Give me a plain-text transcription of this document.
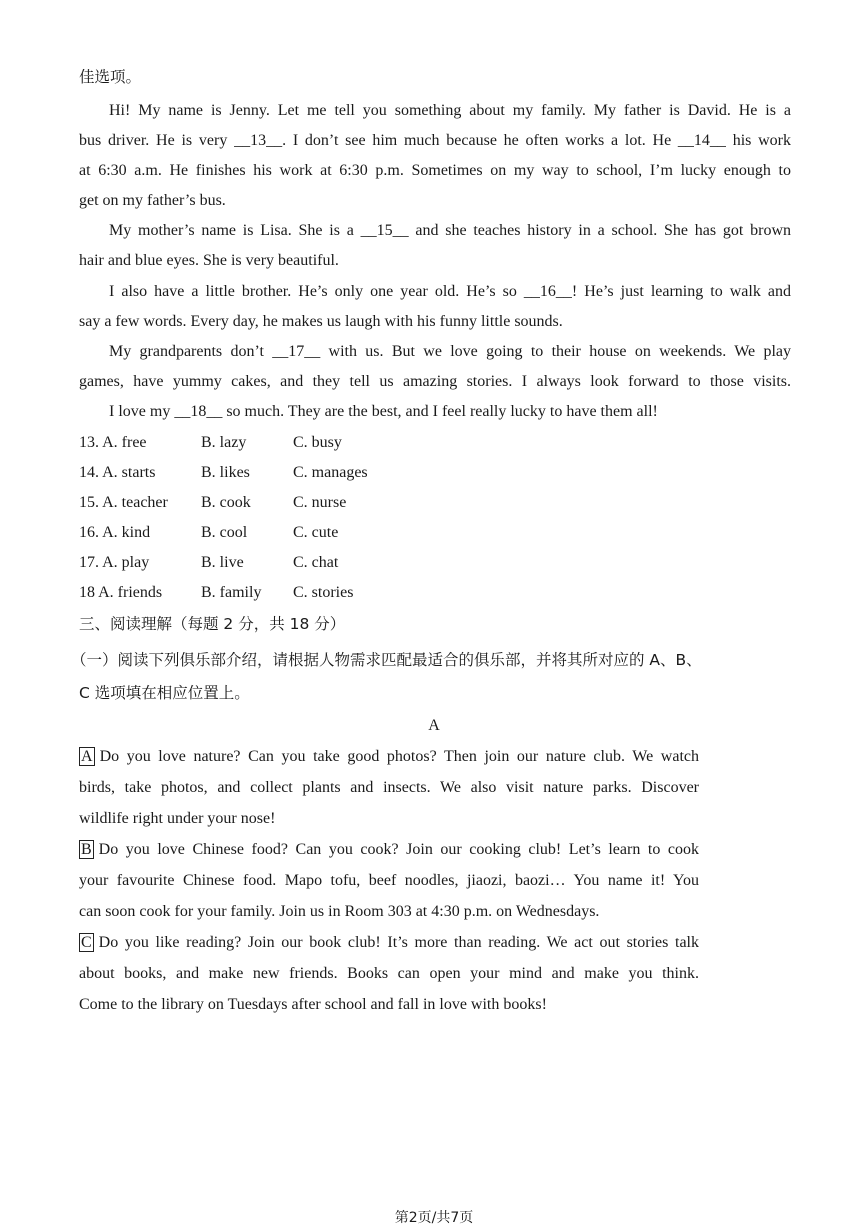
佳选项。
Hi! My name is Jenny. Let me tell you something about my family. My father is David. He is a
bus driver. He is very __13__. I don’t see him much because he often works a lot. He __14__ his work
at 6:30 a.m. He finishes his work at 6:30 p.m. Sometimes on my way to school, I’m lucky enough to
get on my father’s bus.
My mother’s name is Lisa. She is a __15__ and she teaches history in a school. She has got brown
hair and blue eyes. She is very beautiful.
I also have a little brother. He’s only one year old. He’s so __16__! He’s just learning to walk and
say a few words. Every day, he makes us laugh with his funny little sounds.
My grandparents don’t __17__ with us. But we love going to their house on weekends. We play
games, have yummy cakes, and they tell us amazing stories. I always look forward to those visits.
I love my __18__ so much. They are the best, and I feel really lucky to have them all!
13. A. free	B. lazy	C. busy
14. A. starts	B. likes	C. manages
15. A. teacher B. cook	C. nurse
16. A. kind	B. cool	C. cute
17. A. play	B. live	C. chat
18 A. friends B. family C. stories
三、阅读理解（每题 2 分，共 18 分）
（一）阅读下列俱乐部介绍，请根据人物需求匹配最适合的俱乐部，并将其所对应的 A、B、
C 选项填在相应位置上。
A
A Do you love nature? Can you take good photos? Then join our nature club. We watch
birds, take photos, and collect plants and insects. We also visit nature parks. Discover
wildlife right under your nose!
B Do you love Chinese food? Can you cook? Join our cooking club! Let’s learn to cook
your favourite Chinese food. Mapo tofu, beef noodles, jiaozi, baozi… You name it! You
can soon cook for your family. Join us in Room 303 at 4:30 p.m. on Wednesdays.
C Do you like reading? Join our book club! It’s more than reading. We act out stories talk
about books, and make new friends. Books can open your mind and make you think.
Come to the library on Tuesdays after school and fall in love with books!
第2页/共7页
